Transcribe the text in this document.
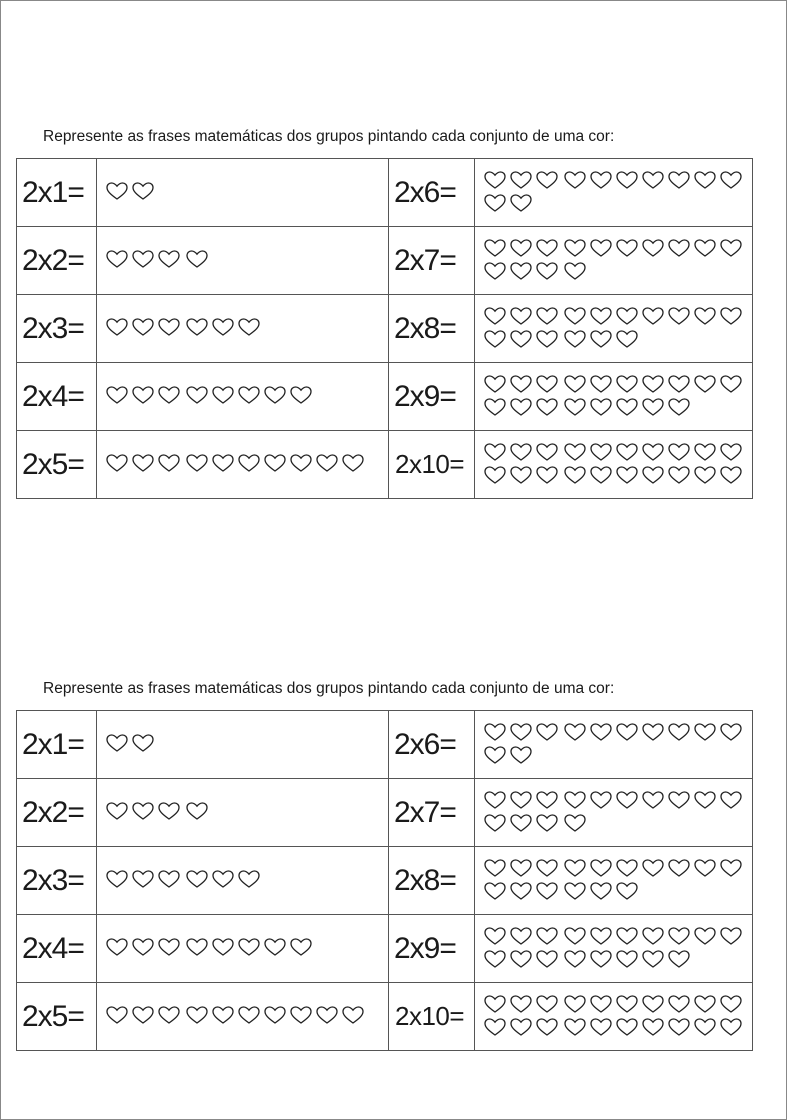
Represente as frases matemáticas dos grupos pintando cada conjunto de uma cor:
2x1=		2x6=	

2x2=		2x7=	

2x3=		2x8=	

2x4=		2x9=	

2x5=		2x10=	
Represente as frases matemáticas dos grupos pintando cada conjunto de uma cor:
2x1=		2x6=	

2x2=		2x7=	

2x3=		2x8=	

2x4=		2x9=	

2x5=		2x10=	
